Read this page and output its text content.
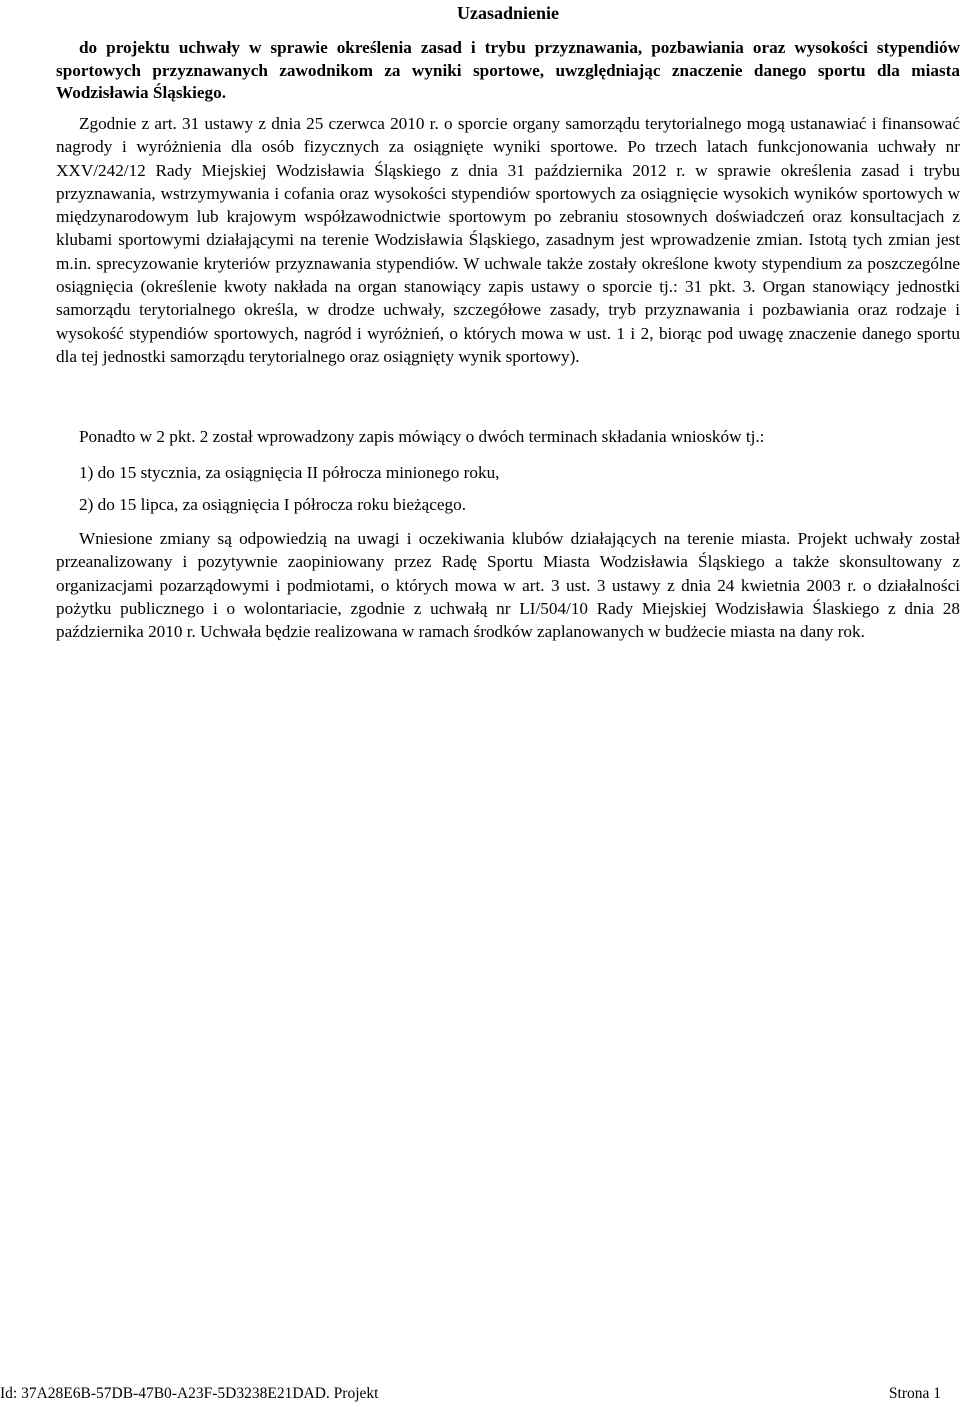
Uzasadnienie

do projektu uchwały w sprawie określenia zasad i trybu przyznawania, pozbawiania oraz wysokości stypendiów sportowych przyznawanych zawodnikom za wyniki sportowe, uwzględniając znaczenie danego sportu dla miasta Wodzisławia Śląskiego.

Zgodnie z art. 31 ustawy z dnia 25 czerwca 2010 r. o sporcie organy samorządu terytorialnego mogą ustanawiać i finansować nagrody i wyróżnienia dla osób fizycznych za osiągnięte wyniki sportowe. Po trzech latach funkcjonowania uchwały nr XXV/242/12 Rady Miejskiej Wodzisławia Śląskiego z dnia 31 października 2012 r. w sprawie określenia zasad i trybu przyznawania, wstrzymywania i cofania oraz wysokości stypendiów sportowych za osiągnięcie wysokich wyników sportowych w międzynarodowym lub krajowym współzawodnictwie sportowym po zebraniu stosownych doświadczeń oraz konsultacjach z klubami sportowymi działającymi na terenie Wodzisławia Śląskiego, zasadnym jest wprowadzenie zmian. Istotą tych zmian jest m.in. sprecyzowanie kryteriów przyznawania stypendiów. W uchwale także zostały określone kwoty stypendium za poszczególne osiągnięcia (określenie kwoty nakłada na organ stanowiący zapis ustawy o sporcie tj.: 31 pkt. 3. Organ stanowiący jednostki samorządu terytorialnego określa, w drodze uchwały, szczegółowe zasady, tryb przyznawania i pozbawiania oraz rodzaje i wysokość stypendiów sportowych, nagród i wyróżnień, o których mowa w ust. 1 i 2, biorąc pod uwagę znaczenie danego sportu dla tej jednostki samorządu terytorialnego oraz osiągnięty wynik sportowy).

Ponadto w 2 pkt. 2 został wprowadzony zapis mówiący o dwóch terminach składania wniosków tj.:

1) do 15 stycznia, za osiągnięcia II półrocza minionego roku,

2) do 15 lipca, za osiągnięcia I półrocza roku bieżącego.

Wniesione zmiany są odpowiedzią na uwagi i oczekiwania klubów działających na terenie miasta. Projekt uchwały został przeanalizowany i pozytywnie zaopiniowany przez Radę Sportu Miasta Wodzisławia Śląskiego a także skonsultowany z organizacjami pozarządowymi i podmiotami, o których mowa w art. 3 ust. 3 ustawy z dnia 24 kwietnia 2003 r. o działalności pożytku publicznego i o wolontariacie, zgodnie z uchwałą nr LI/504/10 Rady Miejskiej Wodzisławia Ślaskiego z dnia 28 października 2010 r. Uchwała będzie realizowana w ramach środków zaplanowanych w budżecie miasta na dany rok.

Id: 37A28E6B-57DB-47B0-A23F-5D3238E21DAD. Projekt	Strona 1
